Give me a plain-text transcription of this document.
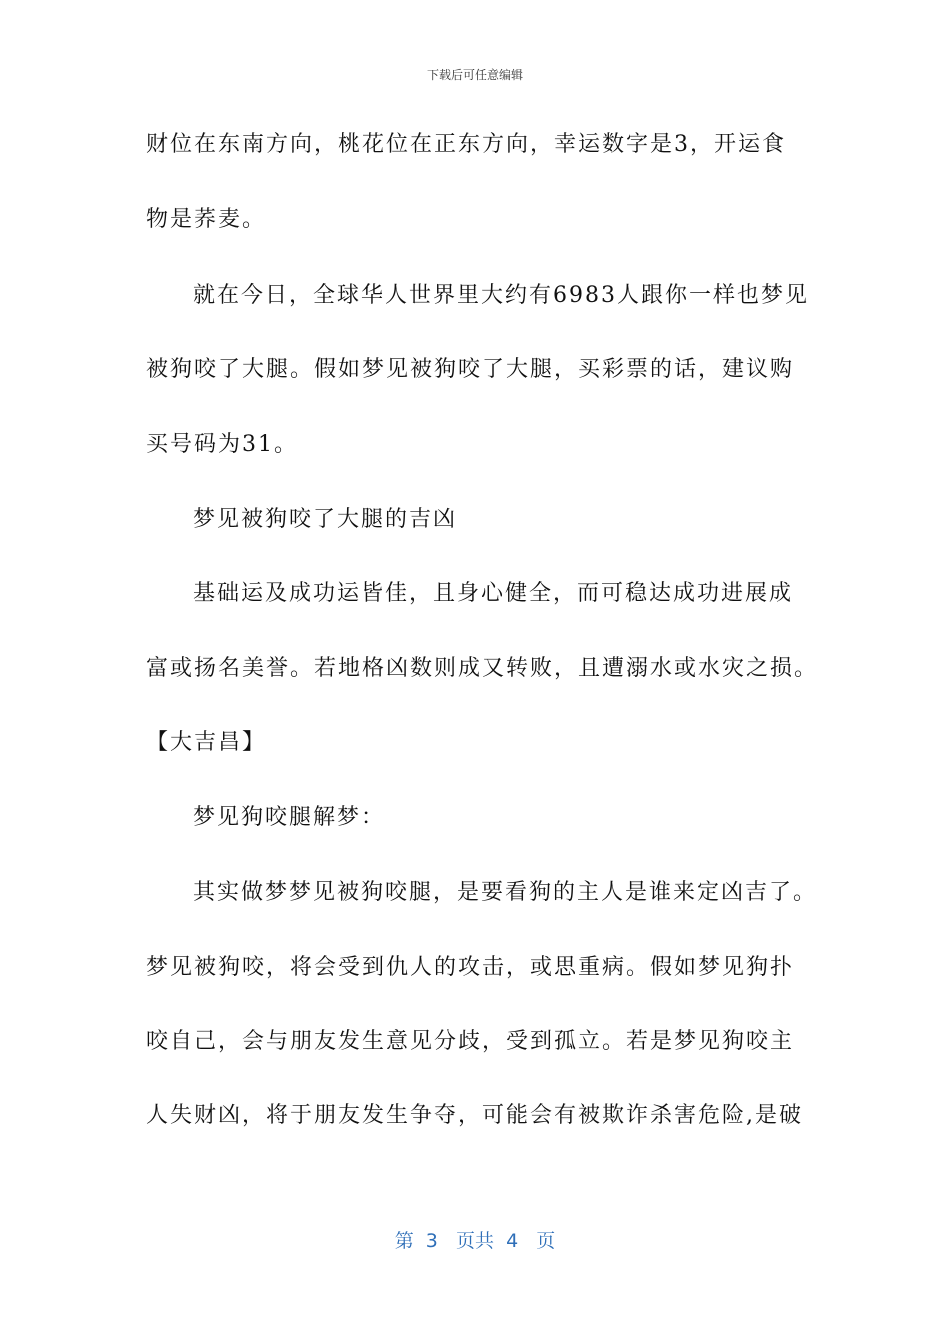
下载后可任意编辑
财位在东南方向，桃花位在正东方向，幸运数字是3，开运食
物是荞麦。
就在今日，全球华人世界里大约有6983人跟你一样也梦见
被狗咬了大腿。假如梦见被狗咬了大腿，买彩票的话，建议购
买号码为31。
梦见被狗咬了大腿的吉凶
基础运及成功运皆佳，且身心健全，而可稳达成功进展成
富或扬名美誉。若地格凶数则成又转败，且遭溺水或水灾之损。
【大吉昌】
梦见狗咬腿解梦：
其实做梦梦见被狗咬腿，是要看狗的主人是谁来定凶吉了。
梦见被狗咬，将会受到仇人的攻击，或思重病。假如梦见狗扑
咬自己，会与朋友发生意见分歧，受到孤立。若是梦见狗咬主
人失财凶，将于朋友发生争夺，可能会有被欺诈杀害危险,是破
第  3   页共  4   页
